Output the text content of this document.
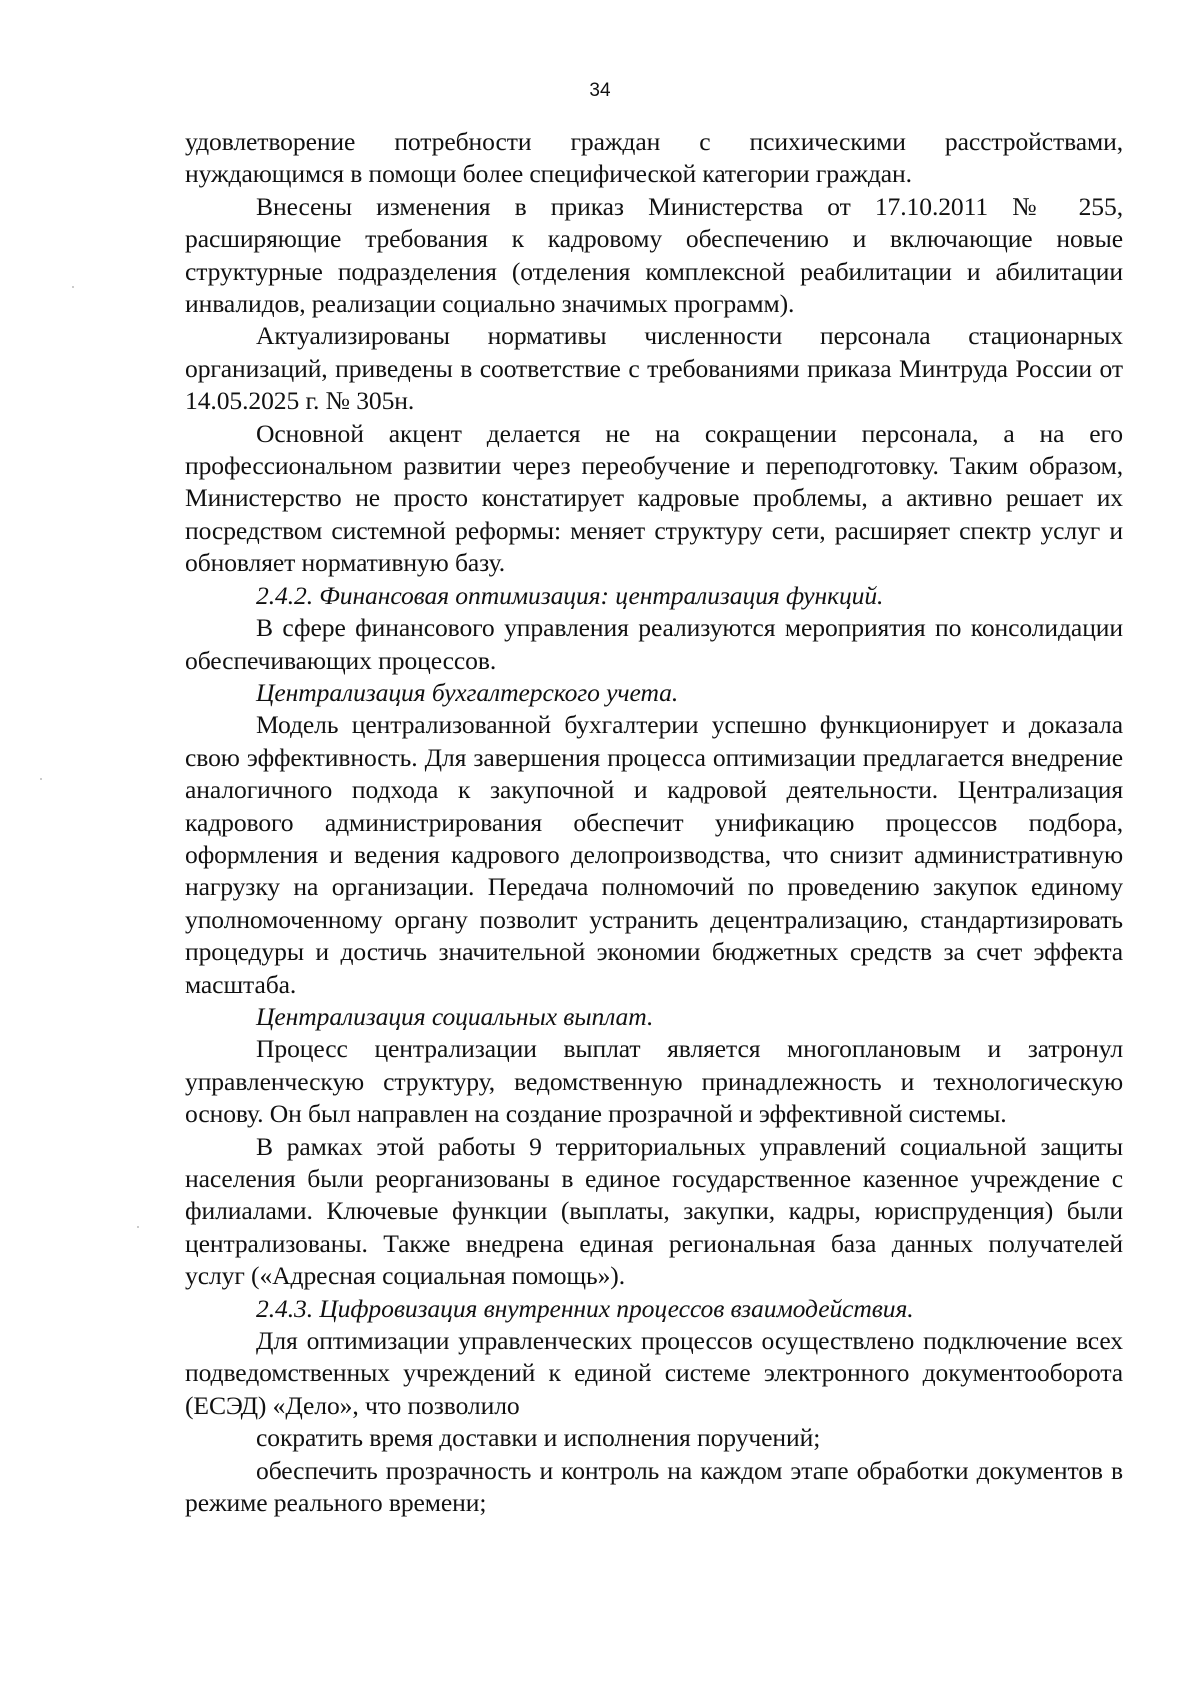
34

удовлетворение потребности граждан с психическими расстройствами, нуждающимся в помощи более специфической категории граждан.

Внесены изменения в приказ Министерства от 17.10.2011 № 255, расширяющие требования к кадровому обеспечению и включающие новые структурные подразделения (отделения комплексной реабилитации и абилитации инвалидов, реализации социально значимых программ).

Актуализированы нормативы численности персонала стационарных организаций, приведены в соответствие с требованиями приказа Минтруда России от 14.05.2025 г. № 305н.

Основной акцент делается не на сокращении персонала, а на его профессиональном развитии через переобучение и переподготовку. Таким образом, Министерство не просто констатирует кадровые проблемы, а активно решает их посредством системной реформы: меняет структуру сети, расширяет спектр услуг и обновляет нормативную базу.

2.4.2. Финансовая оптимизация: централизация функций.

В сфере финансового управления реализуются мероприятия по консолидации обеспечивающих процессов.

Централизация бухгалтерского учета.

Модель централизованной бухгалтерии успешно функционирует и доказала свою эффективность. Для завершения процесса оптимизации предлагается внедрение аналогичного подхода к закупочной и кадровой деятельности. Централизация кадрового администрирования обеспечит унификацию процессов подбора, оформления и ведения кадрового делопроизводства, что снизит административную нагрузку на организации. Передача полномочий по проведению закупок единому уполномоченному органу позволит устранить децентрализацию, стандартизировать процедуры и достичь значительной экономии бюджетных средств за счет эффекта масштаба.

Централизация социальных выплат.

Процесс централизации выплат является многоплановым и затронул управленческую структуру, ведомственную принадлежность и технологическую основу. Он был направлен на создание прозрачной и эффективной системы.

В рамках этой работы 9 территориальных управлений социальной защиты населения были реорганизованы в единое государственное казенное учреждение с филиалами. Ключевые функции (выплаты, закупки, кадры, юриспруденция) были централизованы. Также внедрена единая региональная база данных получателей услуг («Адресная социальная помощь»).

2.4.3. Цифровизация внутренних процессов взаимодействия.

Для оптимизации управленческих процессов осуществлено подключение всех подведомственных учреждений к единой системе электронного документооборота (ЕСЭД) «Дело», что позволило

сократить время доставки и исполнения поручений;

обеспечить прозрачность и контроль на каждом этапе обработки документов в режиме реального времени;
